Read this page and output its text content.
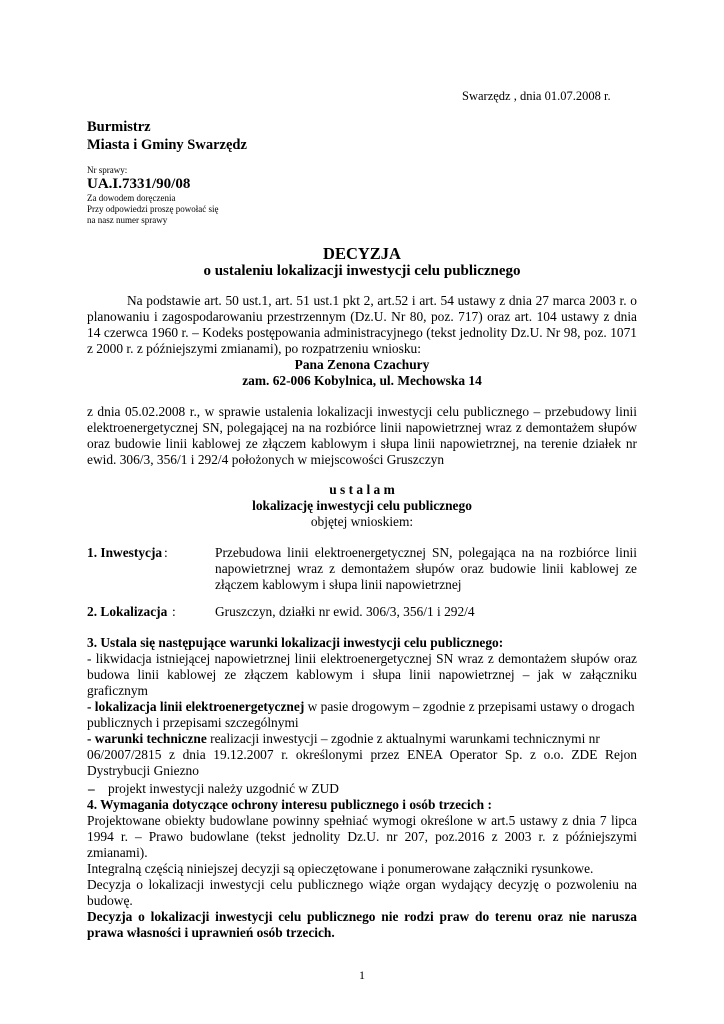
Swarzędz , dnia 01.07.2008 r.
Burmistrz
Miasta i Gminy Swarzędz
Nr sprawy:
UA.I.7331/90/08
Za dowodem doręczenia
Przy odpowiedzi proszę powołać się
na nasz numer sprawy
DECYZJA
o ustaleniu lokalizacji inwestycji celu publicznego
Na podstawie art. 50 ust.1, art. 51 ust.1 pkt 2, art.52 i art. 54 ustawy z dnia 27 marca 2003 r. o
planowaniu i zagospodarowaniu przestrzennym (Dz.U. Nr 80, poz. 717) oraz art. 104 ustawy z dnia
14 czerwca 1960 r. – Kodeks postępowania administracyjnego (tekst jednolity Dz.U. Nr 98, poz. 1071
z 2000 r. z późniejszymi zmianami), po rozpatrzeniu wniosku:
Pana Zenona Czachury
zam. 62-006 Kobylnica, ul. Mechowska 14
z dnia 05.02.2008 r., w sprawie ustalenia lokalizacji inwestycji celu publicznego – przebudowy linii
elektroenergetycznej SN, polegającej na na rozbiórce linii napowietrznej wraz z demontażem słupów
oraz budowie linii kablowej ze złączem kablowym i słupa linii napowietrznej, na terenie działek nr
ewid. 306/3, 356/1 i 292/4 położonych w miejscowości Gruszczyn
u s t a l a m
lokalizację inwestycji celu publicznego
objętej wnioskiem:
1. Inwestycja :	Przebudowa linii elektroenergetycznej SN, polegająca na na rozbiórce linii
napowietrznej wraz z demontażem słupów oraz budowie linii kablowej ze
złączem kablowym i słupa linii napowietrznej
2. Lokalizacja :	Gruszczyn, działki nr ewid. 306/3, 356/1 i 292/4
3. Ustala się następujące warunki lokalizacji inwestycji celu publicznego:
- likwidacja istniejącej napowietrznej linii elektroenergetycznej SN wraz z demontażem słupów oraz
budowa linii kablowej ze złączem kablowym i słupa linii napowietrznej – jak w załączniku
graficznym
- lokalizacja linii elektroenergetycznej w pasie drogowym – zgodnie z przepisami ustawy o drogach
publicznych i przepisami szczególnymi
- warunki techniczne realizacji inwestycji – zgodnie z aktualnymi warunkami technicznymi nr
06/2007/2815 z dnia 19.12.2007 r. określonymi przez ENEA Operator Sp. z o.o. ZDE Rejon
Dystrybucji Gniezno
– projekt inwestycji należy uzgodnić w ZUD
4. Wymagania dotyczące ochrony interesu publicznego i osób trzecich :
Projektowane obiekty budowlane powinny spełniać wymogi określone w art.5 ustawy z dnia 7 lipca
1994 r. – Prawo budowlane (tekst jednolity Dz.U. nr 207, poz.2016 z 2003 r. z późniejszymi
zmianami).
Integralną częścią niniejszej decyzji są opieczętowane i ponumerowane załączniki rysunkowe.
Decyzja o lokalizacji inwestycji celu publicznego wiąże organ wydający decyzję o pozwoleniu na
budowę.
Decyzja o lokalizacji inwestycji celu publicznego nie rodzi praw do terenu oraz nie narusza
prawa własności i uprawnień osób trzecich.
1
